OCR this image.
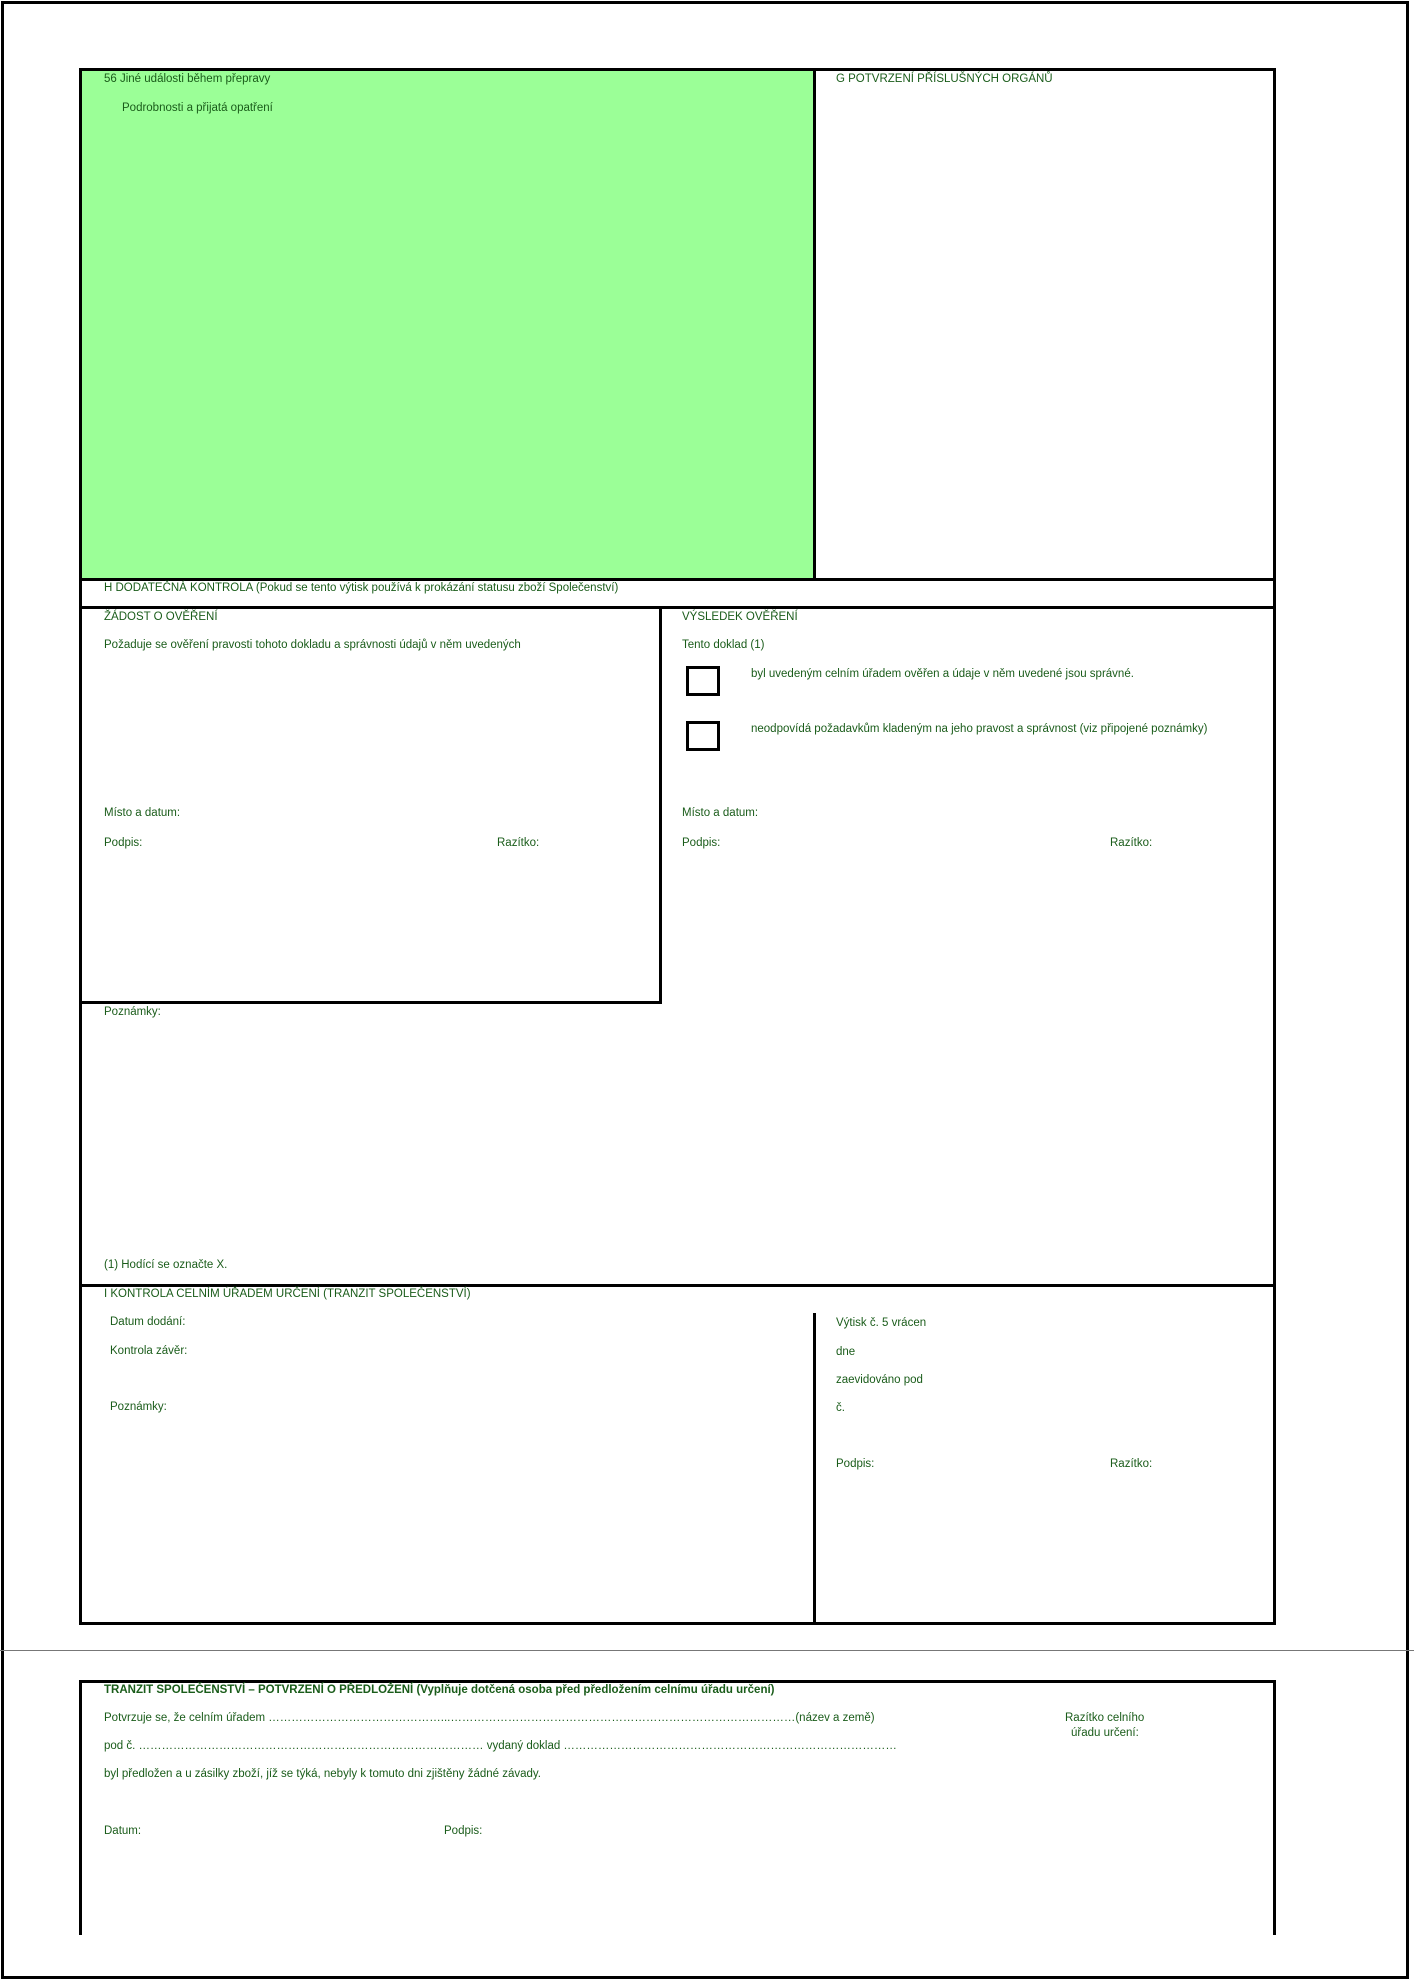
56 Jiné události během přepravy
Podrobnosti a přijatá opatření
G POTVRZENÍ PŘÍSLUŠNÝCH ORGÁNŮ
H DODATEČNÁ KONTROLA (Pokud se tento výtisk používá k prokázání statusu zboží Společenství)
ŽÁDOST O OVĚŘENÍ
Požaduje se ověření pravosti tohoto dokladu a správnosti údajů v něm uvedených
Místo a datum:
Podpis:	Razítko:
VÝSLEDEK OVĚŘENÍ
Tento doklad (1)
byl uvedeným celním úřadem ověřen a údaje v něm uvedené jsou správné.
neodpovídá požadavkům kladeným na jeho pravost a správnost (viz připojené poznámky)
Místo a datum:
Podpis:	Razítko:
Poznámky:
(1) Hodící se označte X.
I KONTROLA CELNÍM ÚŘADEM URČENÍ (TRANZIT SPOLEČENSTVÍ)
Datum dodání:
Kontrola závěr:
Poznámky:
Výtisk č. 5 vrácen
dne
zaevidováno pod
č.
Podpis:	Razítko:
TRANZIT SPOLEČENSTVÍ – POTVRZENÍ O PŘEDLOŽENÍ (Vyplňuje dotčená osoba před předložením celnímu úřadu určení)
Potvrzuje se, že celním úřadem ………………………………………...………………………………………………………………………………(název a země)
pod č. ……………………………………………………………………………… vydaný doklad ……………………………………………………………………………
byl předložen a u zásilky zboží, jíž se týká, nebyly k tomuto dni zjištěny žádné závady.
Razítko celního
úřadu určení:
Datum:	Podpis:
